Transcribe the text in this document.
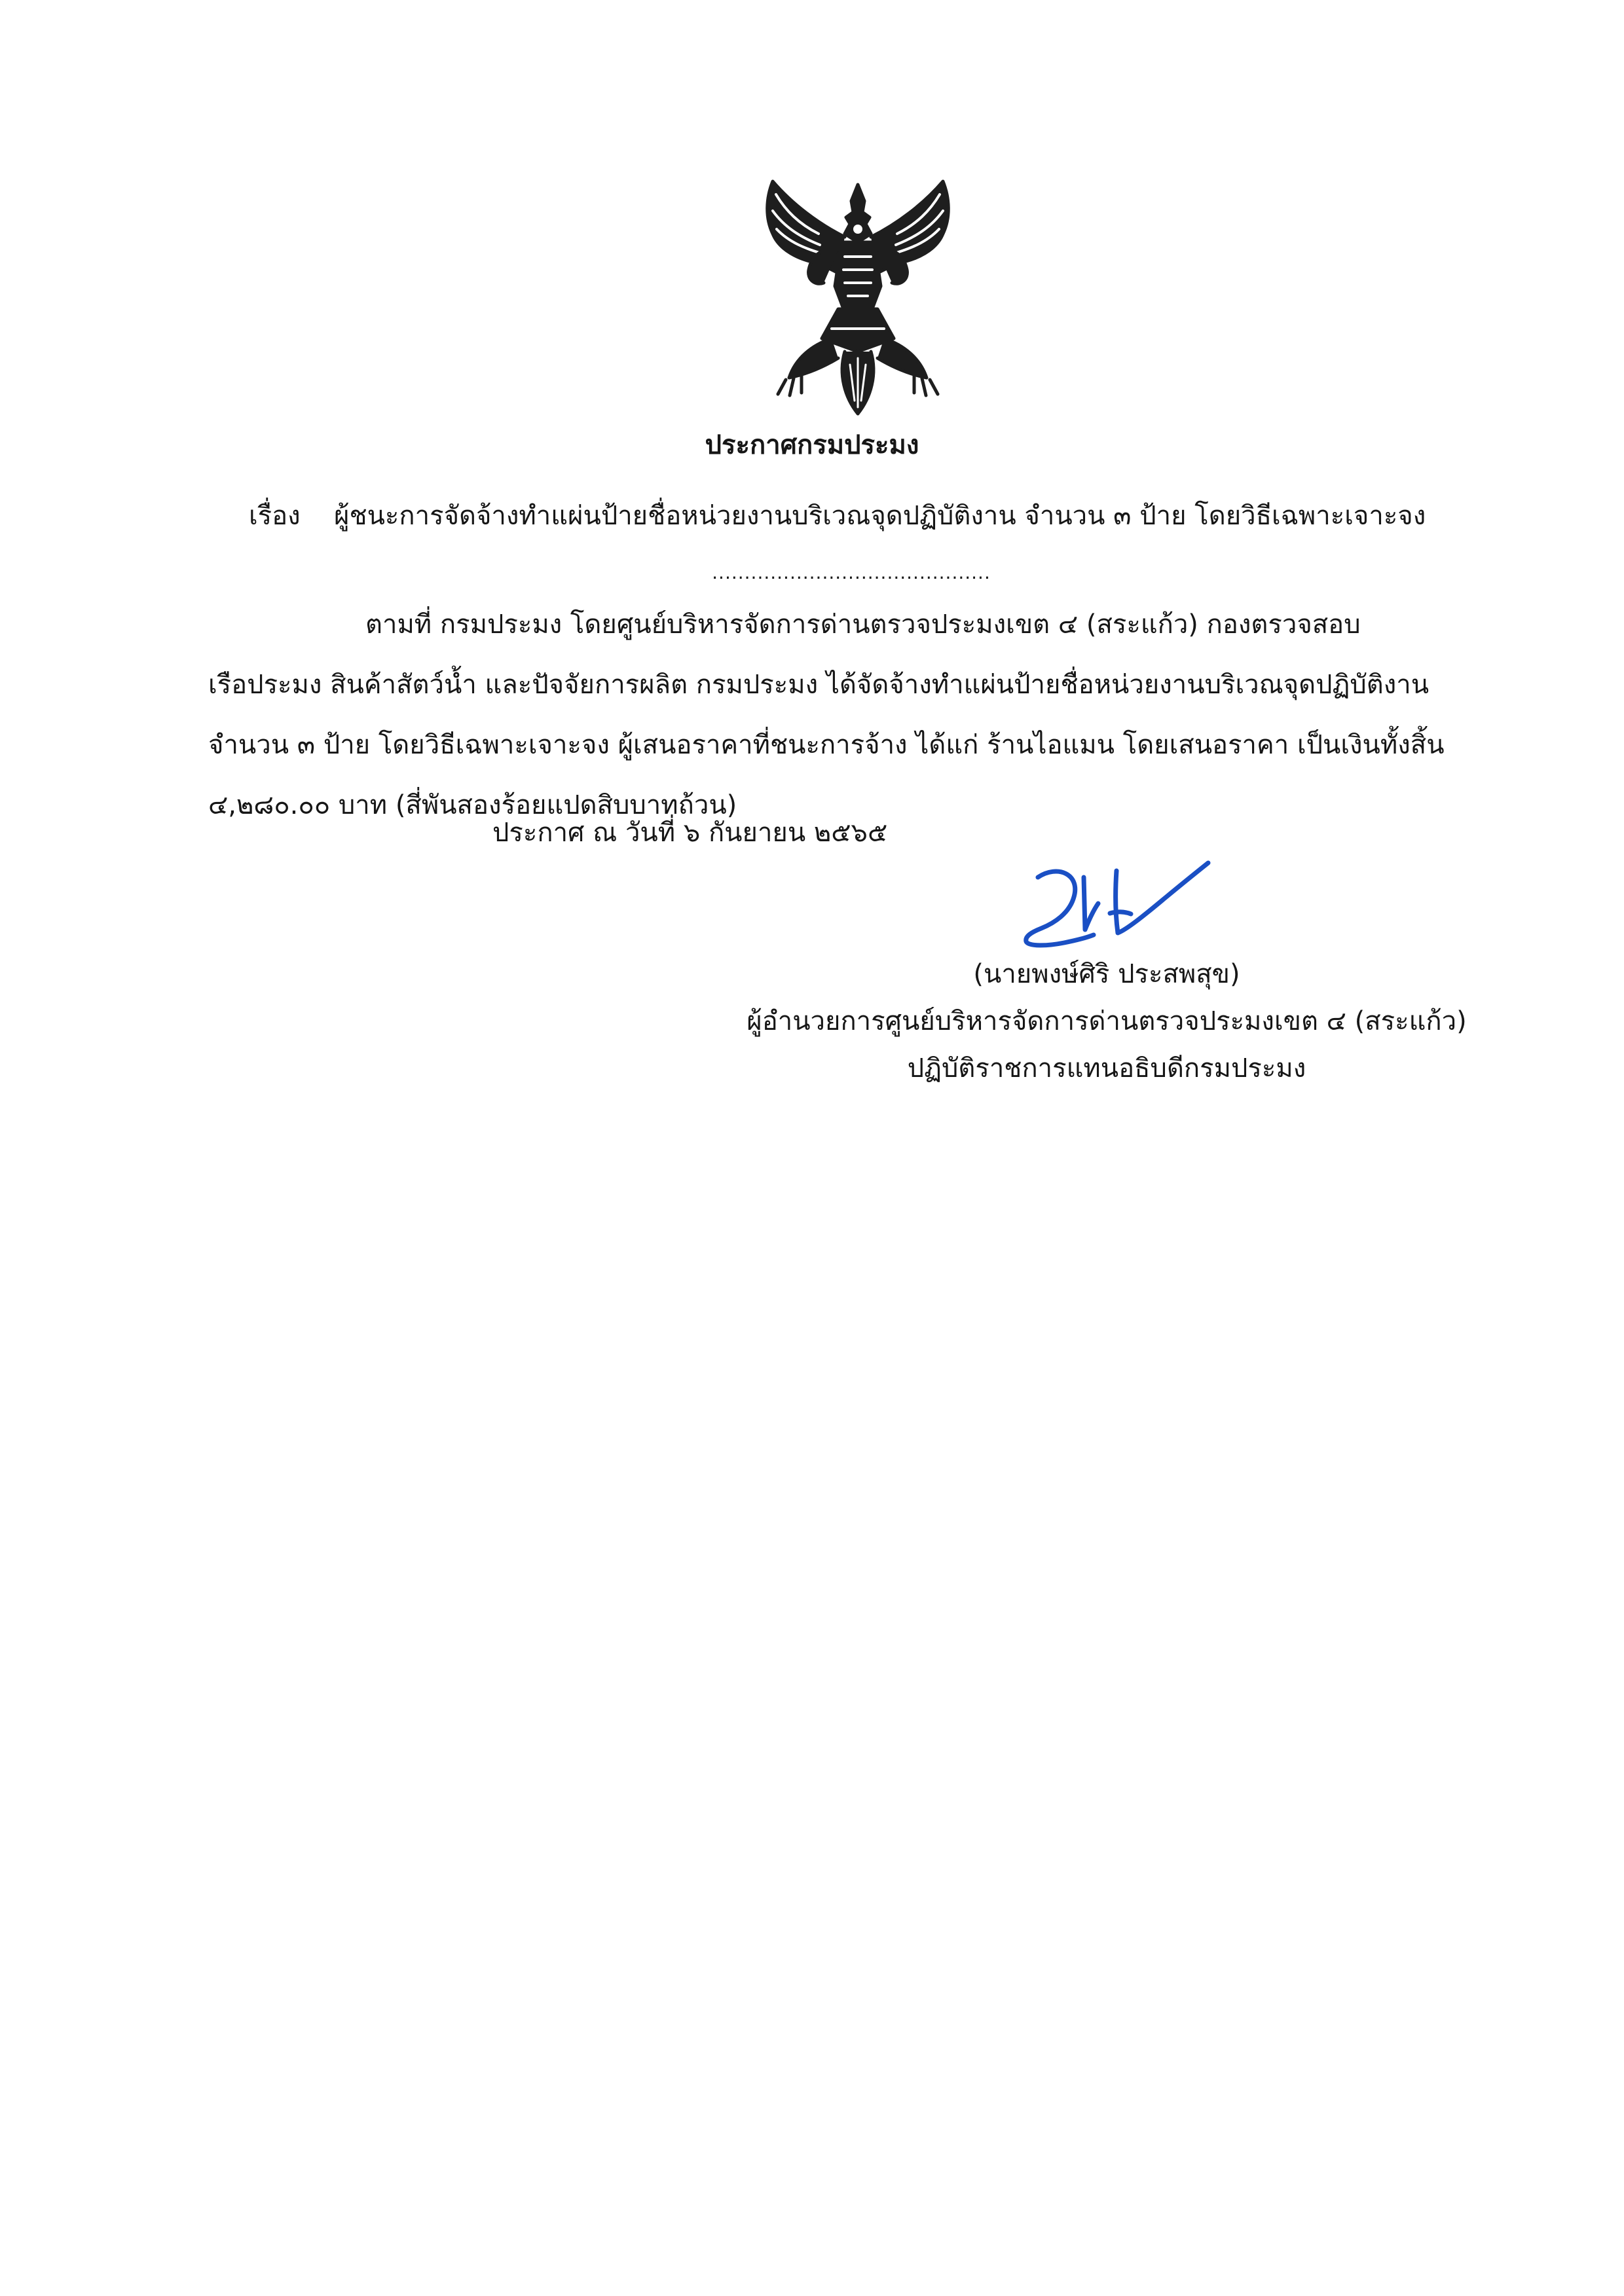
ประกาศกรมประมง
เรื่อง ผู้ชนะการจัดจ้างทำแผ่นป้ายชื่อหน่วยงานบริเวณจุดปฏิบัติงาน จำนวน ๓ ป้าย โดยวิธีเฉพาะเจาะจง
...........................................
ตามที่ กรมประมง โดยศูนย์บริหารจัดการด่านตรวจประมงเขต ๔ (สระแก้ว) กองตรวจสอบ
เรือประมง สินค้าสัตว์น้ำ และปัจจัยการผลิต กรมประมง ได้จัดจ้างทำแผ่นป้ายชื่อหน่วยงานบริเวณจุดปฏิบัติงาน
จำนวน ๓ ป้าย โดยวิธีเฉพาะเจาะจง ผู้เสนอราคาที่ชนะการจ้าง ได้แก่ ร้านไอแมน โดยเสนอราคา เป็นเงินทั้งสิ้น
๔,๒๘๐.๐๐ บาท (สี่พันสองร้อยแปดสิบบาทถ้วน)
ประกาศ ณ วันที่ ๖ กันยายน ๒๕๖๕
(นายพงษ์ศิริ ประสพสุข)
ผู้อำนวยการศูนย์บริหารจัดการด่านตรวจประมงเขต ๔ (สระแก้ว)
ปฏิบัติราชการแทนอธิบดีกรมประมง
